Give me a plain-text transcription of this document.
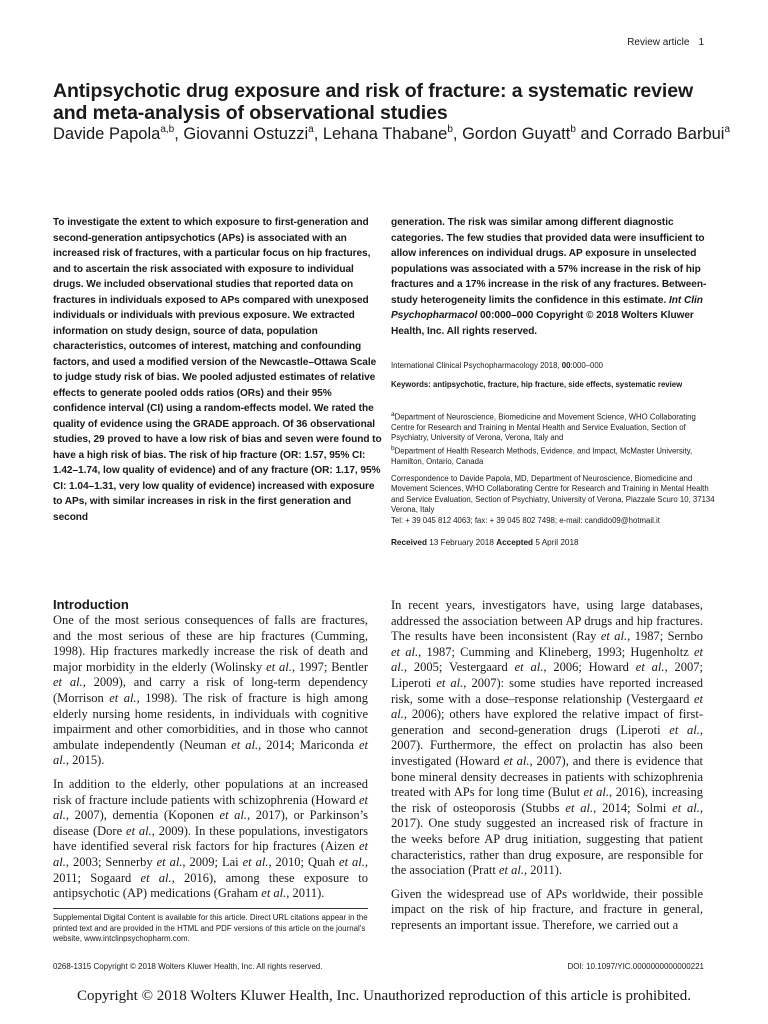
Review article 1
Antipsychotic drug exposure and risk of fracture: a systematic review and meta-analysis of observational studies
Davide Papola$^{a,b}$, Giovanni Ostuzzi$^a$, Lehana Thabane$^b$, Gordon Guyatt$^b$ and Corrado Barbui$^a$
To investigate the extent to which exposure to first-generation and second-generation antipsychotics (APs) is associated with an increased risk of fractures, with a particular focus on hip fractures, and to ascertain the risk associated with exposure to individual drugs. We included observational studies that reported data on fractures in individuals exposed to APs compared with unexposed individuals or individuals with previous exposure. We extracted information on study design, source of data, population characteristics, outcomes of interest, matching and confounding factors, and used a modified version of the Newcastle–Ottawa Scale to judge study risk of bias. We pooled adjusted estimates of relative effects to generate pooled odds ratios (ORs) and their 95% confidence interval (CI) using a random-effects model. We rated the quality of evidence using the GRADE approach. Of 36 observational studies, 29 proved to have a low risk of bias and seven were found to have a high risk of bias. The risk of hip fracture (OR: 1.57, 95% CI: 1.42–1.74, low quality of evidence) and of any fracture (OR: 1.17, 95% CI: 1.04–1.31, very low quality of evidence) increased with exposure to APs, with similar increases in risk in the first generation and second
generation. The risk was similar among different diagnostic categories. The few studies that provided data were insufficient to allow inferences on individual drugs. AP exposure in unselected populations was associated with a 57% increase in the risk of hip fractures and a 17% increase in the risk of any fractures. Between-study heterogeneity limits the confidence in this estimate. Int Clin Psychopharmacol 00:000–000 Copyright © 2018 Wolters Kluwer Health, Inc. All rights reserved.
International Clinical Psychopharmacology 2018, 00:000–000
Keywords: antipsychotic, fracture, hip fracture, side effects, systematic review

$^a$Department of Neuroscience, Biomedicine and Movement Science, WHO Collaborating Centre for Research and Training in Mental Health and Service Evaluation, Section of Psychiatry, University of Verona, Verona, Italy and

$^b$Department of Health Research Methods, Evidence, and Impact, McMaster University, Hamilton, Ontario, Canada

Correspondence to Davide Papola, MD, Department of Neuroscience, Biomedicine and Movement Sciences, WHO Collaborating Centre for Research and Training in Mental Health and Service Evaluation, Section of Psychiatry, University of Verona, Piazzale Scuro 10, 37134 Verona, Italy

Tel: + 39 045 812 4063; fax: + 39 045 802 7498; e-mail: candido09@hotmail.it

Received 13 February 2018 Accepted 5 April 2018
Introduction

One of the most serious consequences of falls are fractures, and the most serious of these are hip fractures (Cumming, 1998). Hip fractures markedly increase the risk of death and major morbidity in the elderly (Wolinsky et al., 1997; Bentler et al., 2009), and carry a risk of long-term dependency (Morrison et al., 1998). The risk of fracture is high among elderly nursing home residents, in individuals with cognitive impairment and other comorbidities, and in those who cannot ambulate independently (Neuman et al., 2014; Mariconda et al., 2015).

In addition to the elderly, other populations at an increased risk of fracture include patients with schizophrenia (Howard et al., 2007), dementia (Koponen et al., 2017), or Parkinson’s disease (Dore et al., 2009). In these populations, investigators have identified several risk factors for hip fractures (Aizen et al., 2003; Sennerby et al., 2009; Lai et al., 2010; Quah et al., 2011; Sogaard et al., 2016), among these exposure to antipsychotic (AP) medications (Graham et al., 2011).

In recent years, investigators have, using large databases, addressed the association between AP drugs and hip fractures. The results have been inconsistent (Ray et al., 1987; Sernbo et al., 1987; Cumming and Klineberg, 1993; Hugenholtz et al., 2005; Vestergaard et al., 2006; Howard et al., 2007; Liperoti et al., 2007): some studies have reported increased risk, some with a dose–response relationship (Vestergaard et al., 2006); others have explored the relative impact of first-generation and second-generation drugs (Liperoti et al., 2007). Furthermore, the effect on prolactin has also been investigated (Howard et al., 2007), and there is evidence that bone mineral density decreases in patients with schizophrenia treated with APs for long time (Bulut et al., 2016), increasing the risk of osteoporosis (Stubbs et al., 2014; Solmi et al., 2017). One study suggested an increased risk of fracture in the weeks before AP drug initiation, suggesting that patient characteristics, rather than drug exposure, are responsible for the association (Pratt et al., 2011).

Given the widespread use of APs worldwide, their possible impact on the risk of hip fracture, and fracture in general, represents an important issue. Therefore, we carried out a

Supplemental Digital Content is available for this article. Direct URL citations appear in the printed text and are provided in the HTML and PDF versions of this article on the journal’s website, www.intclinpsychopharm.com.
0268-1315 Copyright © 2018 Wolters Kluwer Health, Inc. All rights reserved.	DOI: 10.1097/YIC.0000000000000221
Copyright © 2018 Wolters Kluwer Health, Inc. Unauthorized reproduction of this article is prohibited.
